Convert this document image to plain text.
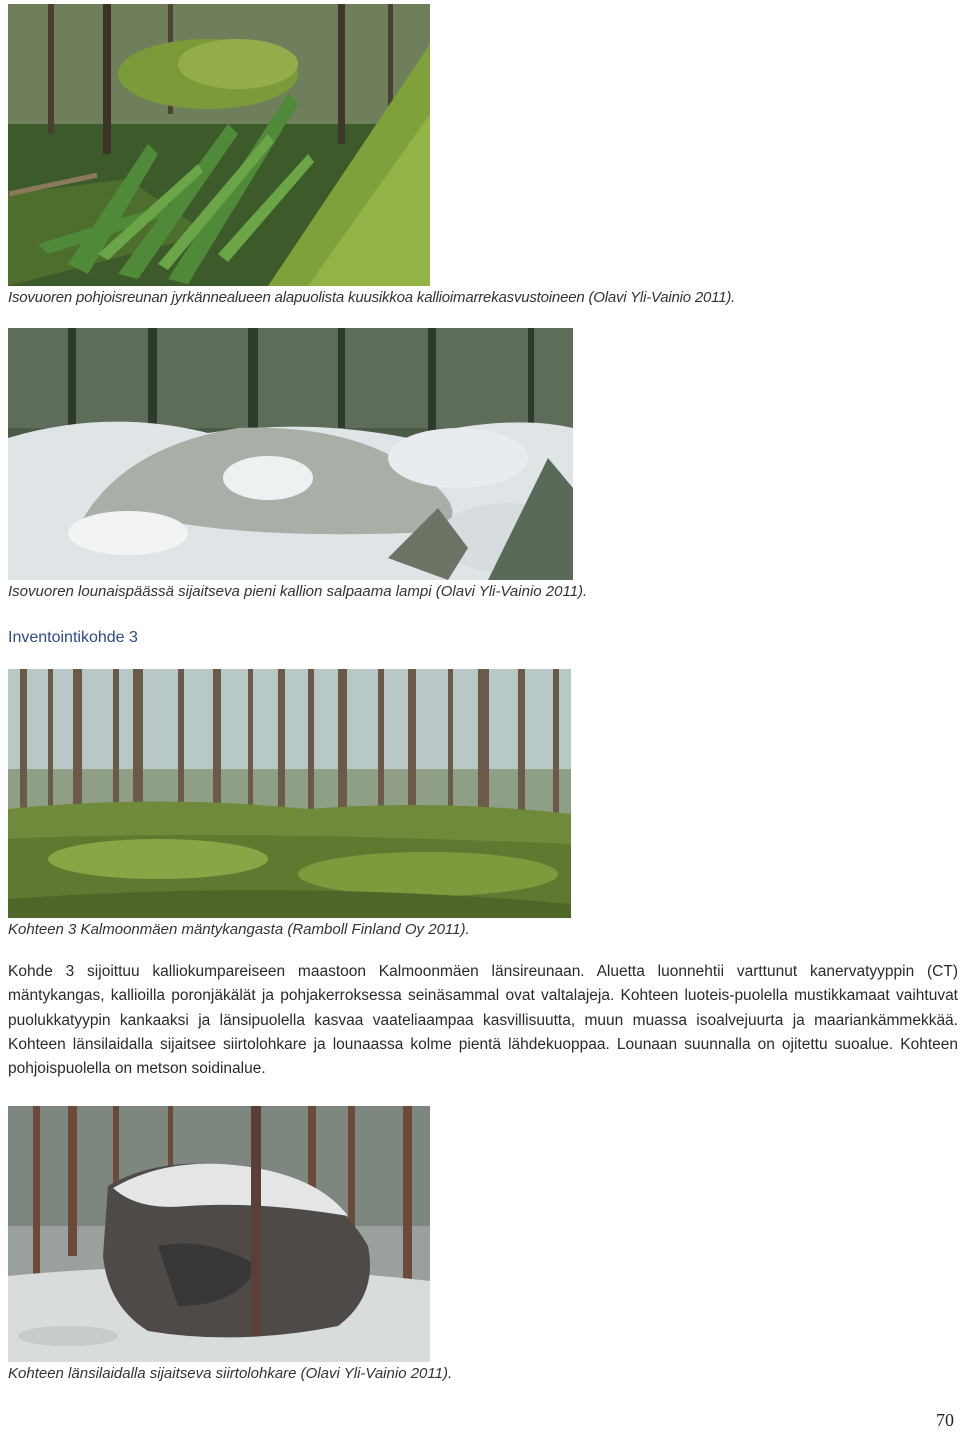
Isovuoren pohjoisreunan jyrkännealueen alapuolista kuusikkoa kallioimarrekasvustoineen (Olavi Yli-Vainio 2011).
Isovuoren lounaispäässä sijaitseva pieni kallion salpaama lampi (Olavi Yli-Vainio 2011).
Inventointikohde 3
Kohteen 3 Kalmoonmäen mäntykangasta (Ramboll Finland Oy 2011).

Kohde 3 sijoittuu kalliokumpareiseen maastoon Kalmoonmäen länsireunaan. Aluetta luonnehtii varttunut kanervatyyppin (CT) mäntykangas, kallioilla poronjäkälät ja pohjakerroksessa seinäsammal ovat valtalajeja. Kohteen luoteis-puolella mustikkamaat vaihtuvat puolukkatyypin kankaaksi ja länsipuolella kasvaa vaateliaampaa kasvillisuutta, muun muassa isoalvejuurta ja maariankämmekkää. Kohteen länsilaidalla sijaitsee siirtolohkare ja lounaassa kolme pientä lähdekuoppaa. Lounaan suunnalla on ojitettu suoalue. Kohteen pohjoispuolella on metson soidinalue.

Kohteen länsilaidalla sijaitseva siirtolohkare (Olavi Yli-Vainio 2011).
70
